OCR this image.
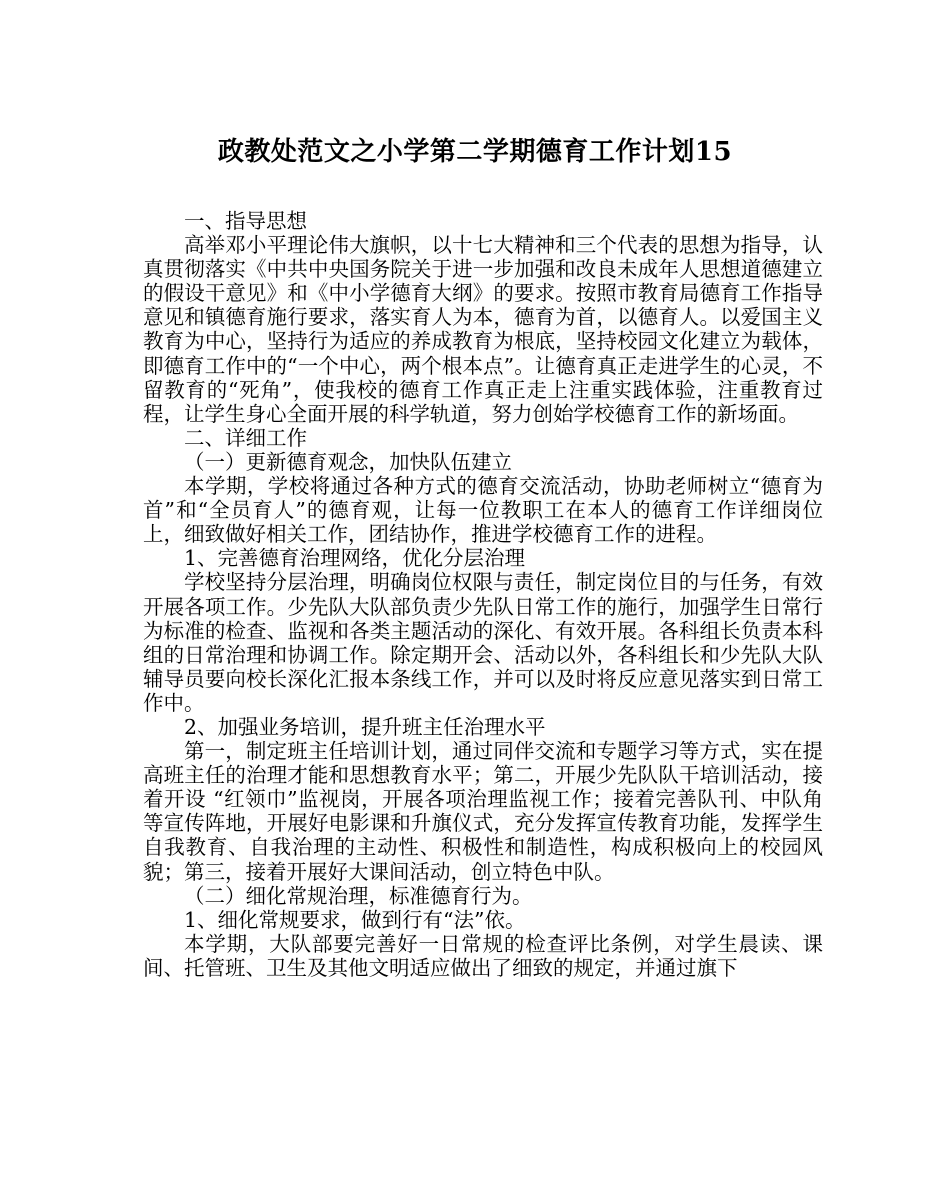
政教处范文之小学第二学期德育工作计划15

一、指导思想

高举邓小平理论伟大旗帜，以十七大精神和三个代表的思想为指导，认真贯彻落实《中共中央国务院关于进一步加强和改良未成年人思想道德建立的假设干意见》和《中小学德育大纲》的要求。按照市教育局德育工作指导意见和镇德育施行要求，落实育人为本，德育为首，以德育人。以爱国主义教育为中心，坚持行为适应的养成教育为根底，坚持校园文化建立为载体，即德育工作中的“一个中心，两个根本点”。让德育真正走进学生的心灵，不留教育的“死角”，使我校的德育工作真正走上注重实践体验，注重教育过程，让学生身心全面开展的科学轨道，努力创始学校德育工作的新场面。

二、详细工作

（一）更新德育观念，加快队伍建立

本学期，学校将通过各种方式的德育交流活动，协助老师树立“德育为首”和“全员育人”的德育观，让每一位教职工在本人的德育工作详细岗位上，细致做好相关工作，团结协作，推进学校德育工作的进程。

1、完善德育治理网络，优化分层治理

学校坚持分层治理，明确岗位权限与责任，制定岗位目的与任务，有效开展各项工作。少先队大队部负责少先队日常工作的施行，加强学生日常行为标准的检查、监视和各类主题活动的深化、有效开展。各科组长负责本科组的日常治理和协调工作。除定期开会、活动以外，各科组长和少先队大队辅导员要向校长深化汇报本条线工作，并可以及时将反应意见落实到日常工作中。

2、加强业务培训，提升班主任治理水平

第一，制定班主任培训计划，通过同伴交流和专题学习等方式，实在提高班主任的治理才能和思想教育水平；第二，开展少先队队干培训活动，接着开设 “红领巾”监视岗，开展各项治理监视工作；接着完善队刊、中队角等宣传阵地，开展好电影课和升旗仪式，充分发挥宣传教育功能，发挥学生自我教育、自我治理的主动性、积极性和制造性，构成积极向上的校园风貌；第三，接着开展好大课间活动，创立特色中队。

（二）细化常规治理，标准德育行为。

1、细化常规要求，做到行有“法”依。

本学期，大队部要完善好一日常规的检查评比条例，对学生晨读、课间、托管班、卫生及其他文明适应做出了细致的规定，并通过旗下
